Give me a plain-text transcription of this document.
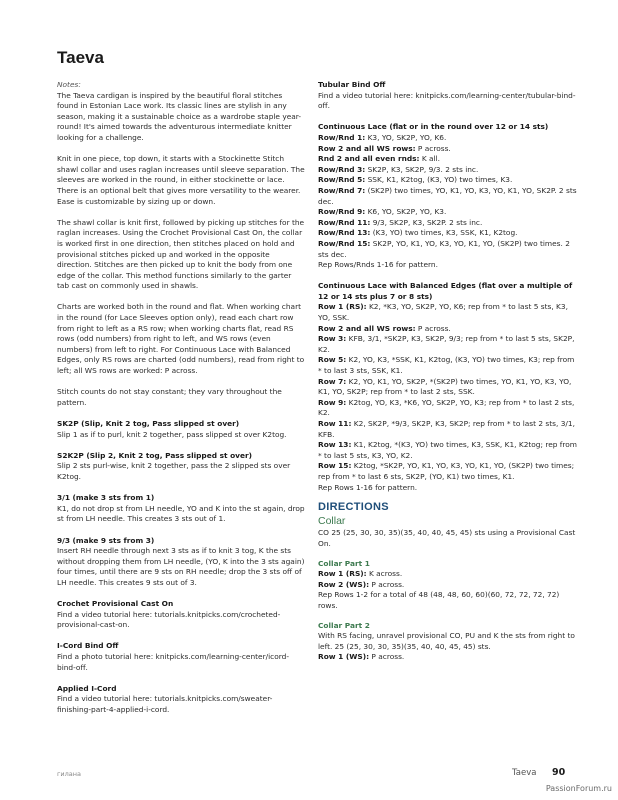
Taeva

Notes:

The Taeva cardigan is inspired by the beautiful floral stitches found in Estonian Lace work. Its classic lines are stylish in any season, making it a sustainable choice as a wardrobe staple year-round! It's aimed towards the adventurous intermediate knitter looking for a challenge.

Knit in one piece, top down, it starts with a Stockinette Stitch shawl collar and uses raglan increases until sleeve separation. The sleeves are worked in the round, in either stockinette or lace. There is an optional belt that gives more versatility to the wearer. Ease is customizable by sizing up or down.

The shawl collar is knit first, followed by picking up stitches for the raglan increases. Using the Crochet Provisional Cast On, the collar is worked first in one direction, then stitches placed on hold and provisional stitches picked up and worked in the opposite direction. Stitches are then picked up to knit the body from one edge of the collar. This method functions similarly to the garter tab cast on commonly used in shawls.

Charts are worked both in the round and flat. When working chart in the round (for Lace Sleeves option only), read each chart row from right to left as a RS row; when working charts flat, read RS rows (odd numbers) from right to left, and WS rows (even numbers) from left to right. For Continuous Lace with Balanced Edges, only RS rows are charted (odd numbers), read from right to left; all WS rows are worked: P across.

Stitch counts do not stay constant; they vary throughout the pattern.

SK2P (Slip, Knit 2 tog, Pass slipped st over)

Slip 1 as if to purl, knit 2 together, pass slipped st over K2tog.

S2K2P (Slip 2, Knit 2 tog, Pass slipped st over)

Slip 2 sts purl-wise, knit 2 together, pass the 2 slipped sts over K2tog.

3/1 (make 3 sts from 1)

K1, do not drop st from LH needle, YO and K into the st again, drop st from LH needle. This creates 3 sts out of 1.

9/3 (make 9 sts from 3)

Insert RH needle through next 3 sts as if to knit 3 tog, K the sts without dropping them from LH needle, (YO, K into the 3 sts again) four times, until there are 9 sts on RH needle; drop the 3 sts off of LH needle. This creates 9 sts out of 3.

Crochet Provisional Cast On

Find a video tutorial here: tutorials.knitpicks.com/crocheted-provisional-cast-on.

I-Cord Bind Off

Find a photo tutorial here: knitpicks.com/learning-center/icord-bind-off.

Applied I-Cord

Find a video tutorial here: tutorials.knitpicks.com/sweater-finishing-part-4-applied-i-cord.

Tubular Bind Off

Find a video tutorial here: knitpicks.com/learning-center/tubular-bind-off.

Continuous Lace (flat or in the round over 12 or 14 sts)

Row/Rnd 1: K3, YO, SK2P, YO, K6.

Row 2 and all WS rows: P across.

Rnd 2 and all even rnds: K all.

Row/Rnd 3: SK2P, K3, SK2P, 9/3. 2 sts inc.

Row/Rnd 5: SSK, K1, K2tog, (K3, YO) two times, K3.

Row/Rnd 7: (SK2P) two times, YO, K1, YO, K3, YO, K1, YO, SK2P. 2 sts dec.

Row/Rnd 9: K6, YO, SK2P, YO, K3.

Row/Rnd 11: 9/3, SK2P, K3, SK2P. 2 sts inc.

Row/Rnd 13: (K3, YO) two times, K3, SSK, K1, K2tog.

Row/Rnd 15: SK2P, YO, K1, YO, K3, YO, K1, YO, (SK2P) two times. 2 sts dec.

Rep Rows/Rnds 1-16 for pattern.

Continuous Lace with Balanced Edges (flat over a multiple of 12 or 14 sts plus 7 or 8 sts)

Row 1 (RS): K2, *K3, YO, SK2P, YO, K6; rep from * to last 5 sts, K3, YO, SSK.

Row 2 and all WS rows: P across.

Row 3: KFB, 3/1, *SK2P, K3, SK2P, 9/3; rep from * to last 5 sts, SK2P, K2.

Row 5: K2, YO, K3, *SSK, K1, K2tog, (K3, YO) two times, K3; rep from * to last 3 sts, SSK, K1.

Row 7: K2, YO, K1, YO, SK2P, *(SK2P) two times, YO, K1, YO, K3, YO, K1, YO, SK2P; rep from * to last 2 sts, SSK.

Row 9: K2tog, YO, K3, *K6, YO, SK2P, YO, K3; rep from * to last 2 sts, K2.

Row 11: K2, SK2P, *9/3, SK2P, K3, SK2P; rep from * to last 2 sts, 3/1, KFB.

Row 13: K1, K2tog, *(K3, YO) two times, K3, SSK, K1, K2tog; rep from * to last 5 sts, K3, YO, K2.

Row 15: K2tog, *SK2P, YO, K1, YO, K3, YO, K1, YO, (SK2P) two times; rep from * to last 6 sts, SK2P, (YO, K1) two times, K1.

Rep Rows 1-16 for pattern.

DIRECTIONS
Collar

CO 25 (25, 30, 30, 35)(35, 40, 40, 45, 45) sts using a Provisional Cast On.

Collar Part 1

Row 1 (RS): K across.

Row 2 (WS): P across.

Rep Rows 1-2 for a total of 48 (48, 48, 60, 60)(60, 72, 72, 72, 72) rows.

Collar Part 2

With RS facing, unravel provisional CO, PU and K the sts from right to left. 25 (25, 30, 30, 35)(35, 40, 40, 45, 45) sts.

Row 1 (WS): P across.

гилана	Taeva 90
PassionForum.ru
